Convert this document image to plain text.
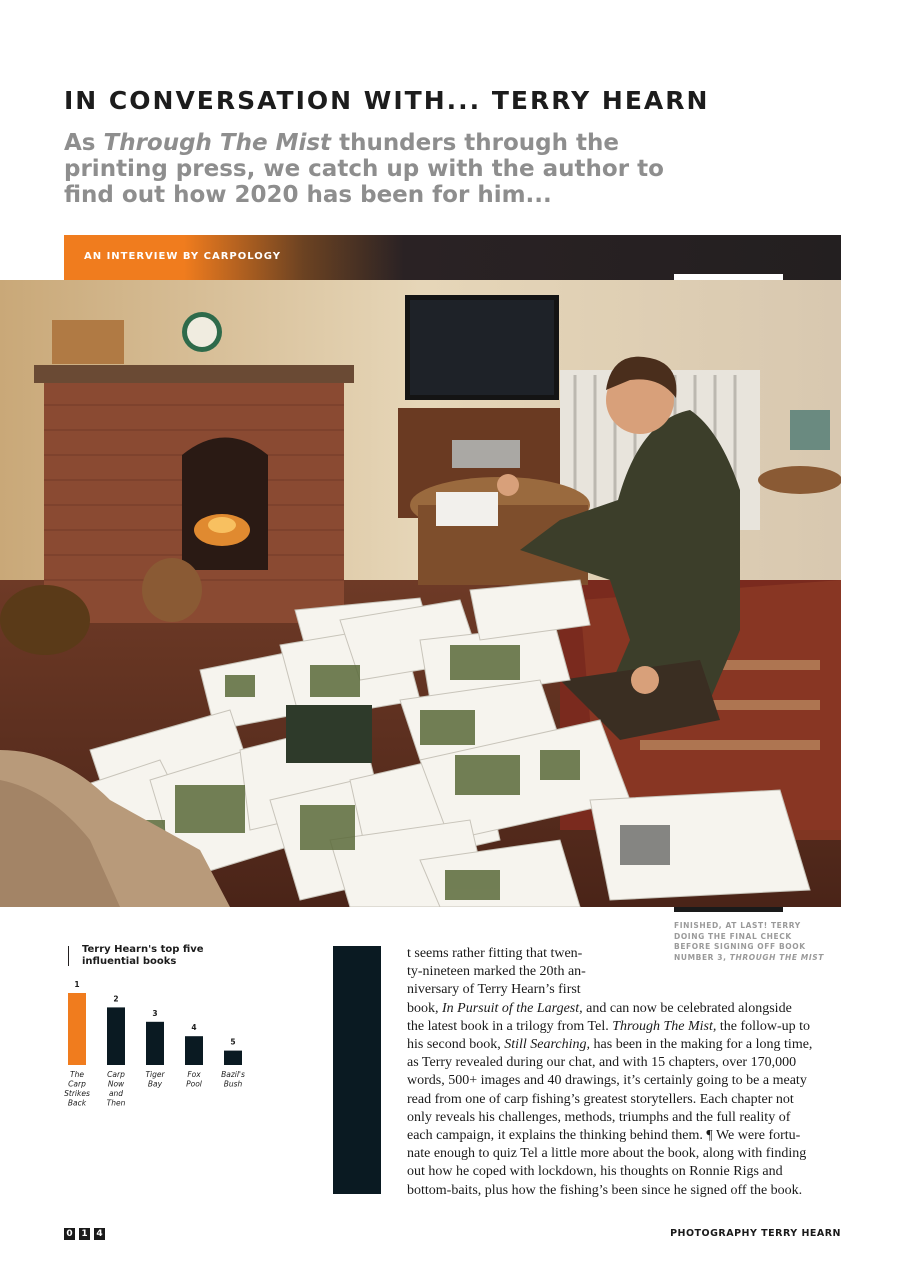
IN CONVERSATION WITH... TERRY HEARN
As Through The Mist thunders through the printing press, we catch up with the author to find out how 2020 has been for him...
AN INTERVIEW BY CARPOLOGY
FINISHED, AT LAST! TERRY
DOING THE FINAL CHECK
BEFORE SIGNING OFF BOOK
NUMBER 3, THROUGH THE MIST
Terry Hearn's top five influential books
1
The Carp Strikes Back
2
Carp Now and Then
3
Tiger Bay
4
Fox Pool
5
Bazil's Bush
t seems rather fitting that twen-
ty-nineteen marked the 20th an-
niversary of Terry Hearn’s first
book, In Pursuit of the Largest, and can now be celebrated alongside
the latest book in a trilogy from Tel. Through The Mist, the follow-up to
his second book, Still Searching, has been in the making for a long time,
as Terry revealed during our chat, and with 15 chapters, over 170,000
words, 500+ images and 40 drawings, it’s certainly going to be a meaty
read from one of carp fishing’s greatest storytellers. Each chapter not
only reveals his challenges, methods, triumphs and the full reality of
each campaign, it explains the thinking behind them. ¶ We were fortu-
nate enough to quiz Tel a little more about the book, along with finding
out how he coped with lockdown, his thoughts on Ronnie Rigs and
bottom-baits, plus how the fishing’s been since he signed off the book.
0 1 4	PHOTOGRAPHY TERRY HEARN
